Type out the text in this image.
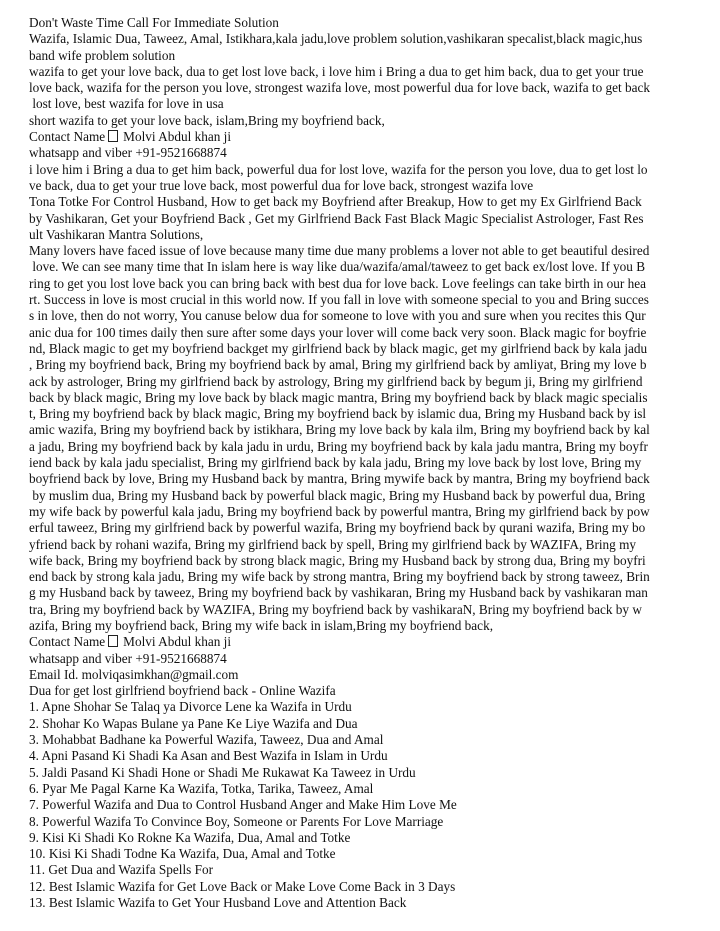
Don't Waste Time Call For Immediate Solution
Wazifa, Islamic Dua, Taweez, Amal, Istikhara,kala jadu,love problem solution,vashikaran specalist,black magic,hus
band wife problem solution
wazifa to get your love back, dua to get lost love back, i love him i Bring a dua to get him back, dua to get your true
love back, wazifa for the person you love, strongest wazifa love, most powerful dua for love back, wazifa to get back
lost love, best wazifa for love in usa
short wazifa to get your love back, islam,Bring my boyfriend back,
Contact Name Molvi Abdul khan ji
whatsapp and viber +91-9521668874
i love him i Bring a dua to get him back, powerful dua for lost love, wazifa for the person you love, dua to get lost lo
ve back, dua to get your true love back, most powerful dua for love back, strongest wazifa love
Tona Totke For Control Husband, How to get back my Boyfriend after Breakup, How to get my Ex Girlfriend Back
by Vashikaran, Get your Boyfriend Back , Get my Girlfriend Back Fast Black Magic Specialist Astrologer, Fast Res
ult Vashikaran Mantra Solutions,
Many lovers have faced issue of love because many time due many problems a lover not able to get beautiful desired
love. We can see many time that In islam here is way like dua/wazifa/amal/taweez to get back ex/lost love. If you B
ring to get you lost love back you can bring back with best dua for love back. Love feelings can take birth in our hea
rt. Success in love is most crucial in this world now. If you fall in love with someone special to you and Bring succes
s in love, then do not worry, You canuse below dua for someone to love with you and sure when you recites this Qur
anic dua for 100 times daily then sure after some days your lover will come back very soon. Black magic for boyfrie
nd, Black magic to get my boyfriend backget my girlfriend back by black magic, get my girlfriend back by kala jadu
, Bring my boyfriend back, Bring my boyfriend back by amal, Bring my girlfriend back by amliyat, Bring my love b
ack by astrologer, Bring my girlfriend back by astrology, Bring my girlfriend back by begum ji, Bring my girlfriend
back by black magic, Bring my love back by black magic mantra, Bring my boyfriend back by black magic specialis
t, Bring my boyfriend back by black magic, Bring my boyfriend back by islamic dua, Bring my Husband back by isl
amic wazifa, Bring my boyfriend back by istikhara, Bring my love back by kala ilm, Bring my boyfriend back by kal
a jadu, Bring my boyfriend back by kala jadu in urdu, Bring my boyfriend back by kala jadu mantra, Bring my boyfr
iend back by kala jadu specialist, Bring my girlfriend back by kala jadu, Bring my love back by lost love, Bring my
boyfriend back by love, Bring my Husband back by mantra, Bring mywife back by mantra, Bring my boyfriend back
by muslim dua, Bring my Husband back by powerful black magic, Bring my Husband back by powerful dua, Bring
my wife back by powerful kala jadu, Bring my boyfriend back by powerful mantra, Bring my girlfriend back by pow
erful taweez, Bring my girlfriend back by powerful wazifa, Bring my boyfriend back by qurani wazifa, Bring my bo
yfriend back by rohani wazifa, Bring my girlfriend back by spell, Bring my girlfriend back by WAZIFA, Bring my
wife back, Bring my boyfriend back by strong black magic, Bring my Husband back by strong dua, Bring my boyfri
end back by strong kala jadu, Bring my wife back by strong mantra, Bring my boyfriend back by strong taweez, Brin
g my Husband back by taweez, Bring my boyfriend back by vashikaran, Bring my Husband back by vashikaran man
tra, Bring my boyfriend back by WAZIFA, Bring my boyfriend back by vashikaraN, Bring my boyfriend back by w
azifa, Bring my boyfriend back, Bring my wife back in islam,Bring my boyfriend back,
Contact Name Molvi Abdul khan ji
whatsapp and viber +91-9521668874
Email Id. molviqasimkhan@gmail.com
Dua for get lost girlfriend boyfriend back - Online Wazifa
1. Apne Shohar Se Talaq ya Divorce Lene ka Wazifa in Urdu
2. Shohar Ko Wapas Bulane ya Pane Ke Liye Wazifa and Dua
3. Mohabbat Badhane ka Powerful Wazifa, Taweez, Dua and Amal
4. Apni Pasand Ki Shadi Ka Asan and Best Wazifa in Islam in Urdu
5. Jaldi Pasand Ki Shadi Hone or Shadi Me Rukawat Ka Taweez in Urdu
6. Pyar Me Pagal Karne Ka Wazifa, Totka, Tarika, Taweez, Amal
7. Powerful Wazifa and Dua to Control Husband Anger and Make Him Love Me
8. Powerful Wazifa To Convince Boy, Someone or Parents For Love Marriage
9. Kisi Ki Shadi Ko Rokne Ka Wazifa, Dua, Amal and Totke
10. Kisi Ki Shadi Todne Ka Wazifa, Dua, Amal and Totke
11. Get Dua and Wazifa Spells For
12. Best Islamic Wazifa for Get Love Back or Make Love Come Back in 3 Days
13. Best Islamic Wazifa to Get Your Husband Love and Attention Back
